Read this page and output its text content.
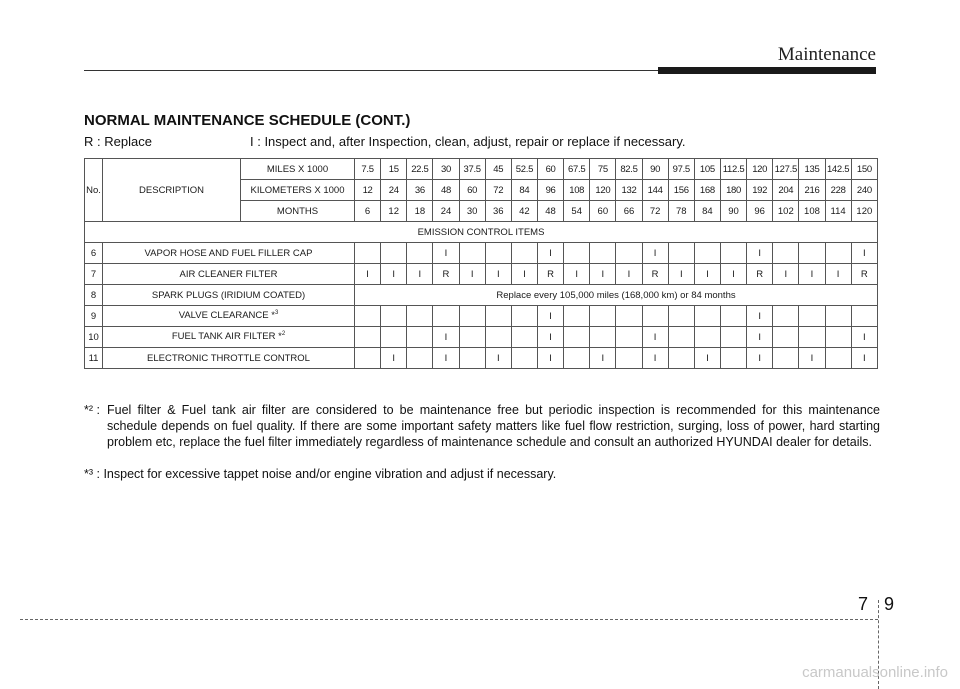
Maintenance
NORMAL MAINTENANCE SCHEDULE (CONT.)
R : Replace	I : Inspect and, after Inspection, clean, adjust, repair or replace if necessary.
No.	DESCRIPTION	MILES X 1000	7.5	15	22.5	30	37.5	45	52.5	60	67.5	75	82.5	90	97.5	105	112.5	120	127.5	135	142.5	150
		KILOMETERS X 1000	12	24	36	48	60	72	84	96	108	120	132	144	156	168	180	192	204	216	228	240
		MONTHS	6	12	18	24	30	36	42	48	54	60	66	72	78	84	90	96	102	108	114	120
EMISSION CONTROL ITEMS																						
6	VAPOR HOSE AND FUEL FILLER CAP					I				I				I				I				I
7	AIR CLEANER FILTER		I	I	I	R	I	I	I	R	I	I	I	R	I	I	I	R	I	I	I	R
8	SPARK PLUGS (IRIDIUM COATED)		Replace every 105,000 miles (168,000 km) or 84 months																			
9	VALVE CLEARANCE *$^3$									I								I				
10	FUEL TANK AIR FILTER *$^2$					I				I				I				I				I
11	ELECTRONIC THROTTLE CONTROL			I		I		I		I		I		I		I		I		I		I
*² : Fuel filter & Fuel tank air filter are considered to be maintenance free but periodic inspection is recommended for this maintenance schedule depends on fuel quality. If there are some important safety matters like fuel flow restriction, surging, loss of power, hard starting problem etc, replace the fuel filter immediately regardless of maintenance schedule and consult an authorized HYUNDAI dealer for details.
*³ : Inspect for excessive tappet noise and/or engine vibration and adjust if necessary.
7 9
carmanualsonline.info
